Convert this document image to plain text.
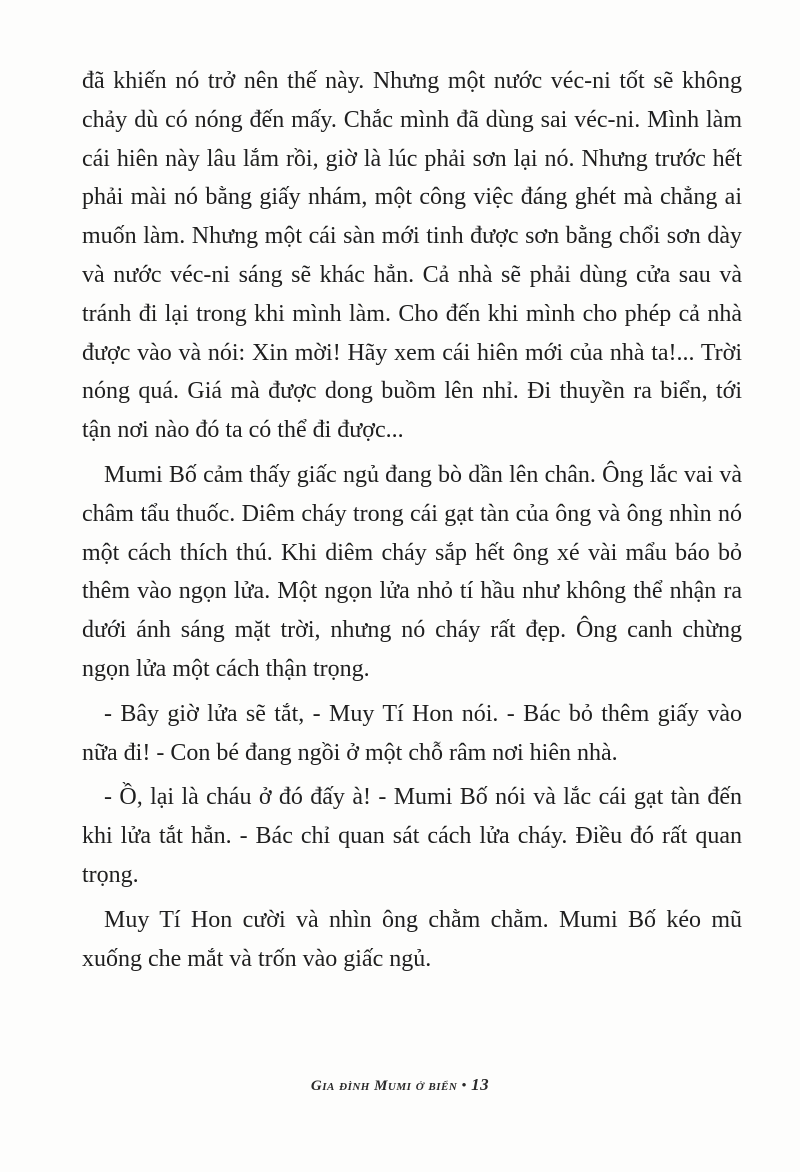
đã khiến nó trở nên thế này. Nhưng một nước véc-ni tốt sẽ không chảy dù có nóng đến mấy. Chắc mình đã dùng sai véc-ni. Mình làm cái hiên này lâu lắm rồi, giờ là lúc phải sơn lại nó. Nhưng trước hết phải mài nó bằng giấy nhám, một công việc đáng ghét mà chẳng ai muốn làm. Nhưng một cái sàn mới tinh được sơn bằng chổi sơn dày và nước véc-ni sáng sẽ khác hẳn. Cả nhà sẽ phải dùng cửa sau và tránh đi lại trong khi mình làm. Cho đến khi mình cho phép cả nhà được vào và nói: Xin mời! Hãy xem cái hiên mới của nhà ta!... Trời nóng quá. Giá mà được dong buồm lên nhỉ. Đi thuyền ra biển, tới tận nơi nào đó ta có thể đi được...

Mumi Bố cảm thấy giấc ngủ đang bò dần lên chân. Ông lắc vai và châm tẩu thuốc. Diêm cháy trong cái gạt tàn của ông và ông nhìn nó một cách thích thú. Khi diêm cháy sắp hết ông xé vài mẩu báo bỏ thêm vào ngọn lửa. Một ngọn lửa nhỏ tí hầu như không thể nhận ra dưới ánh sáng mặt trời, nhưng nó cháy rất đẹp. Ông canh chừng ngọn lửa một cách thận trọng.

- Bây giờ lửa sẽ tắt, - Muy Tí Hon nói. - Bác bỏ thêm giấy vào nữa đi! - Con bé đang ngồi ở một chỗ râm nơi hiên nhà.

- Ồ, lại là cháu ở đó đấy à! - Mumi Bố nói và lắc cái gạt tàn đến khi lửa tắt hẳn. - Bác chỉ quan sát cách lửa cháy. Điều đó rất quan trọng.

Muy Tí Hon cười và nhìn ông chằm chằm. Mumi Bố kéo mũ xuống che mắt và trốn vào giấc ngủ.

Gia đình Mumi ở biển • 13
